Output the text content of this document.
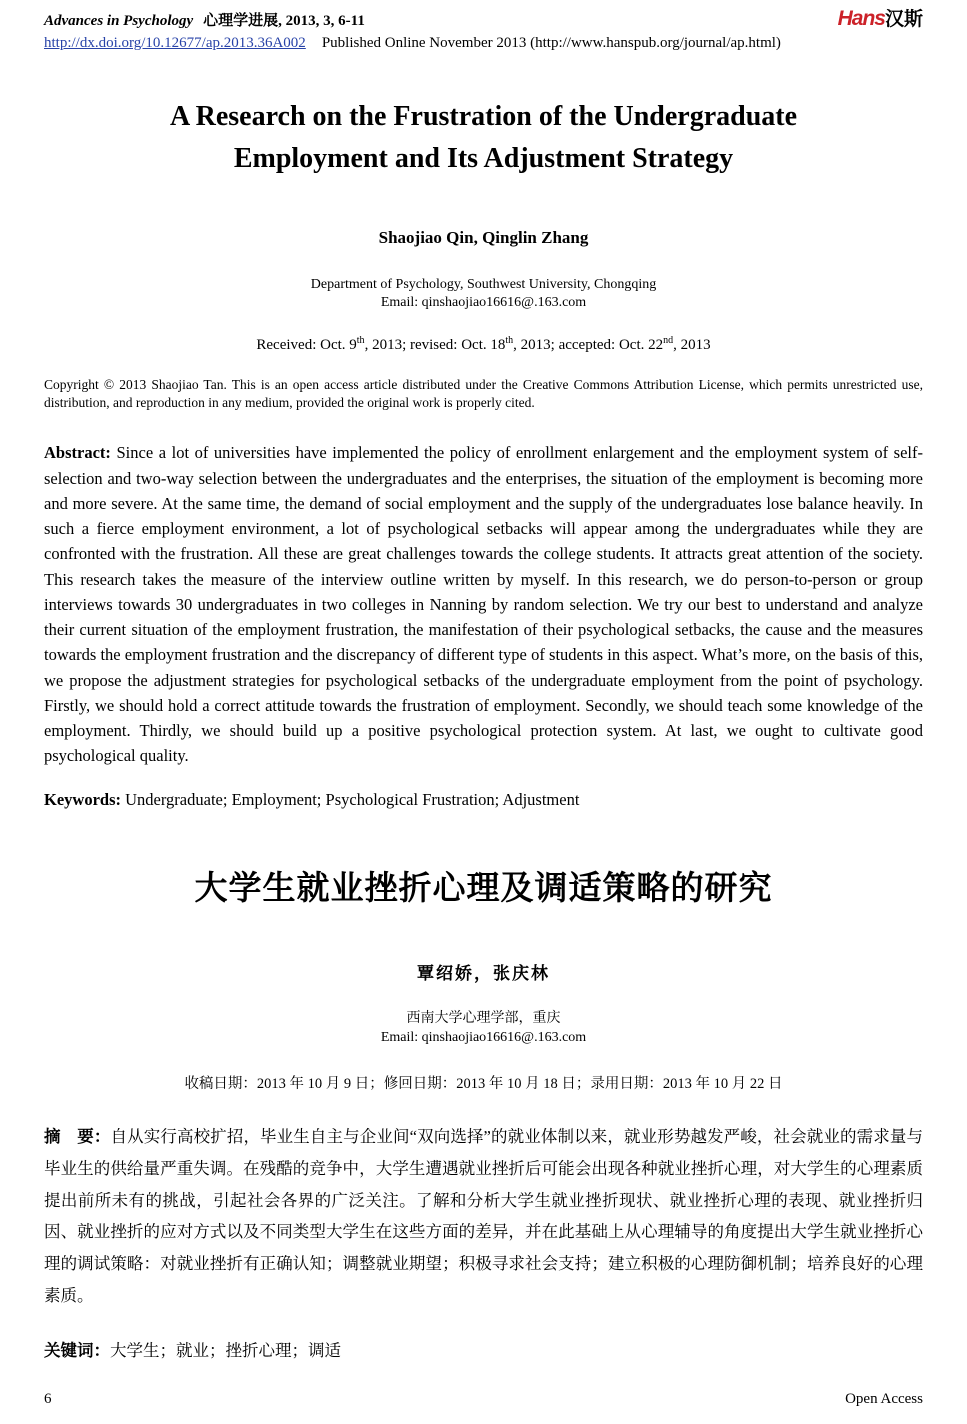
Advances in Psychology 心理学进展, 2013, 3, 6-11	Hans汉斯
http://dx.doi.org/10.12677/ap.2013.36A002 Published Online November 2013 (http://www.hanspub.org/journal/ap.html)
A Research on the Frustration of the Undergraduate Employment and Its Adjustment Strategy

Shaojiao Qin, Qinglin Zhang

Department of Psychology, Southwest University, Chongqing
Email: qinshaojiao16616@.163.com

Received: Oct. 9th, 2013; revised: Oct. 18th, 2013; accepted: Oct. 22nd, 2013

Copyright © 2013 Shaojiao Tan. This is an open access article distributed under the Creative Commons Attribution License, which permits unrestricted use, distribution, and reproduction in any medium, provided the original work is properly cited.

Abstract: Since a lot of universities have implemented the policy of enrollment enlargement and the employment system of self-selection and two-way selection between the undergraduates and the enterprises, the situation of the employment is becoming more and more severe. At the same time, the demand of social employment and the supply of the undergraduates lose balance heavily. In such a fierce employment environment, a lot of psychological setbacks will appear among the undergraduates while they are confronted with the frustration. All these are great challenges towards the college students. It attracts great attention of the society. This research takes the measure of the interview outline written by myself. In this research, we do person-to-person or group interviews towards 30 undergraduates in two colleges in Nanning by random selection. We try our best to understand and analyze their current situation of the employment frustration, the manifestation of their psychological setbacks, the cause and the measures towards the employment frustration and the discrepancy of different type of students in this aspect. What’s more, on the basis of this, we propose the adjustment strategies for psychological setbacks of the undergraduate employment from the point of psychology. Firstly, we should hold a correct attitude towards the frustration of employment. Secondly, we should teach some knowledge of the employment. Thirdly, we should build up a positive psychological protection system. At last, we ought to cultivate good psychological quality.

Keywords: Undergraduate; Employment; Psychological Frustration; Adjustment

大学生就业挫折心理及调适策略的研究

覃绍娇，张庆林

西南大学心理学部，重庆
Email: qinshaojiao16616@.163.com

收稿日期：2013 年 10 月 9 日；修回日期：2013 年 10 月 18 日；录用日期：2013 年 10 月 22 日

摘　要：自从实行高校扩招，毕业生自主与企业间“双向选择”的就业体制以来，就业形势越发严峻，社会就业的需求量与毕业生的供给量严重失调。在残酷的竞争中，大学生遭遇就业挫折后可能会出现各种就业挫折心理，对大学生的心理素质提出前所未有的挑战，引起社会各界的广泛关注。了解和分析大学生就业挫折现状、就业挫折心理的表现、就业挫折归因、就业挫折的应对方式以及不同类型大学生在这些方面的差异，并在此基础上从心理辅导的角度提出大学生就业挫折心理的调试策略：对就业挫折有正确认知；调整就业期望；积极寻求社会支持；建立积极的心理防御机制；培养良好的心理素质。

关键词：大学生；就业；挫折心理；调适

6	Open Access
